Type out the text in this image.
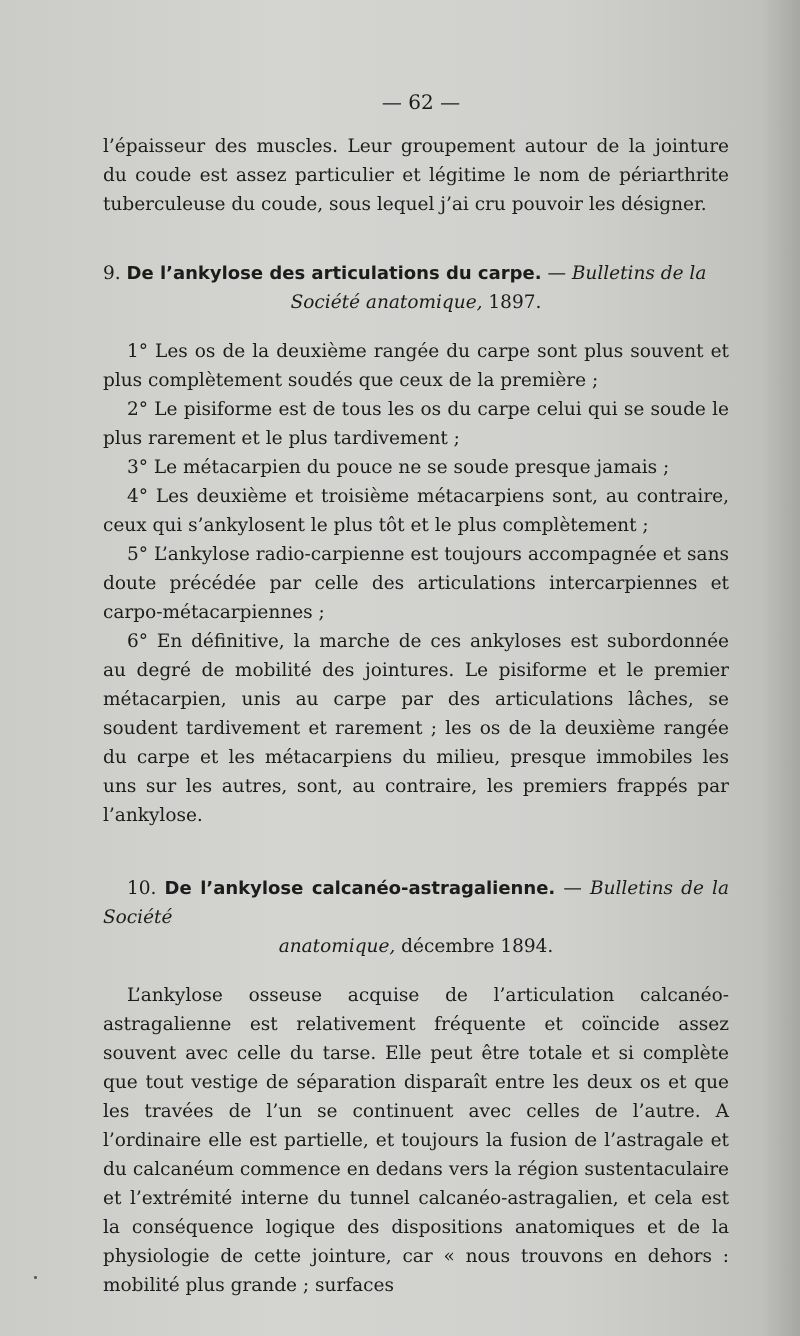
— 62 —

l’épaisseur des muscles. Leur groupement autour de la jointure du coude est assez particulier et légitime le nom de périarthrite tuberculeuse du coude, sous lequel j’ai cru pouvoir les désigner.

9. De l’ankylose des articulations du carpe. — Bulletins de la

Société anatomique, 1897.

1° Les os de la deuxième rangée du carpe sont plus souvent et plus complètement soudés que ceux de la première ;

2° Le pisiforme est de tous les os du carpe celui qui se soude le plus rarement et le plus tardivement ;

3° Le métacarpien du pouce ne se soude presque jamais ;

4° Les deuxième et troisième métacarpiens sont, au contraire, ceux qui s’ankylosent le plus tôt et le plus complètement ;

5° L’ankylose radio-carpienne est toujours accompagnée et sans doute précédée par celle des articulations intercarpiennes et carpo-métacarpiennes ;

6° En définitive, la marche de ces ankyloses est subordonnée au degré de mobilité des jointures. Le pisiforme et le premier métacarpien, unis au carpe par des articulations lâches, se soudent tardivement et rarement ; les os de la deuxième rangée du carpe et les métacarpiens du milieu, presque immobiles les uns sur les autres, sont, au contraire, les premiers frappés par l’ankylose.

10. De l’ankylose calcanéo-astragalienne. — Bulletins de la Société

anatomique, décembre 1894.

L’ankylose osseuse acquise de l’articulation calcanéo-astragalienne est relativement fréquente et coïncide assez souvent avec celle du tarse. Elle peut être totale et si complète que tout vestige de séparation disparaît entre les deux os et que les travées de l’un se continuent avec celles de l’autre. A l’ordinaire elle est partielle, et toujours la fusion de l’astragale et du calcanéum commence en dedans vers la région sustentaculaire et l’extrémité interne du tunnel calcanéo-astragalien, et cela est la conséquence logique des dispositions anatomiques et de la physiologie de cette jointure, car « nous trouvons en dehors : mobilité plus grande ; surfaces
